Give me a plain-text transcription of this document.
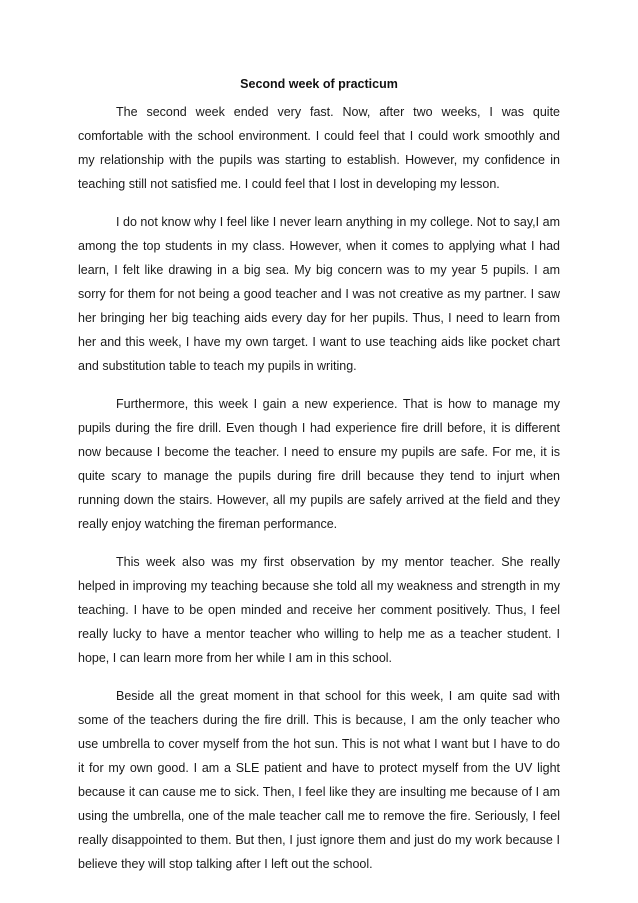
Second week of practicum

The second week ended very fast. Now, after two weeks, I was quite comfortable with the school environment. I could feel that I could work smoothly and my relationship with the pupils was starting to establish. However, my confidence in teaching still not satisfied me. I could feel that I lost in developing my lesson.

I do not know why I feel like I never learn anything in my college. Not to say,I am among the top students in my class. However, when it comes to applying what I had learn, I felt like drawing in a big sea. My big concern was to my year 5 pupils. I am sorry for them for not being a good teacher and I was not creative as my partner. I saw her bringing her big teaching aids every day for her pupils. Thus, I need to learn from her and this week, I have my own target. I want to use teaching aids like pocket chart and substitution table to teach my pupils in writing.

Furthermore, this week I gain a new experience. That is how to manage my pupils during the fire drill. Even though I had experience fire drill before, it is different now because I become the teacher. I need to ensure my pupils are safe. For me, it is quite scary to manage the pupils during fire drill because they tend to injurt when running down the stairs. However, all my pupils are safely arrived at the field and they really enjoy watching the fireman performance.

This week also was my first observation by my mentor teacher. She really helped in improving my teaching because she told all my weakness and strength in my teaching. I have to be open minded and receive her comment positively. Thus, I feel really lucky to have a mentor teacher who willing to help me as a teacher student. I hope, I can learn more from her while I am in this school.

Beside all the great moment in that school for this week, I am quite sad with some of the teachers during the fire drill. This is because, I am the only teacher who use umbrella to cover myself from the hot sun. This is not what I want but I have to do it for my own good. I am a SLE patient and have to protect myself from the UV light because it can cause me to sick. Then, I feel like they are insulting me because of I am using the umbrella, one of the male teacher call me to remove the fire. Seriously, I feel really disappointed to them. But then, I just ignore them and just do my work because I believe they will stop talking after I left out the school.
